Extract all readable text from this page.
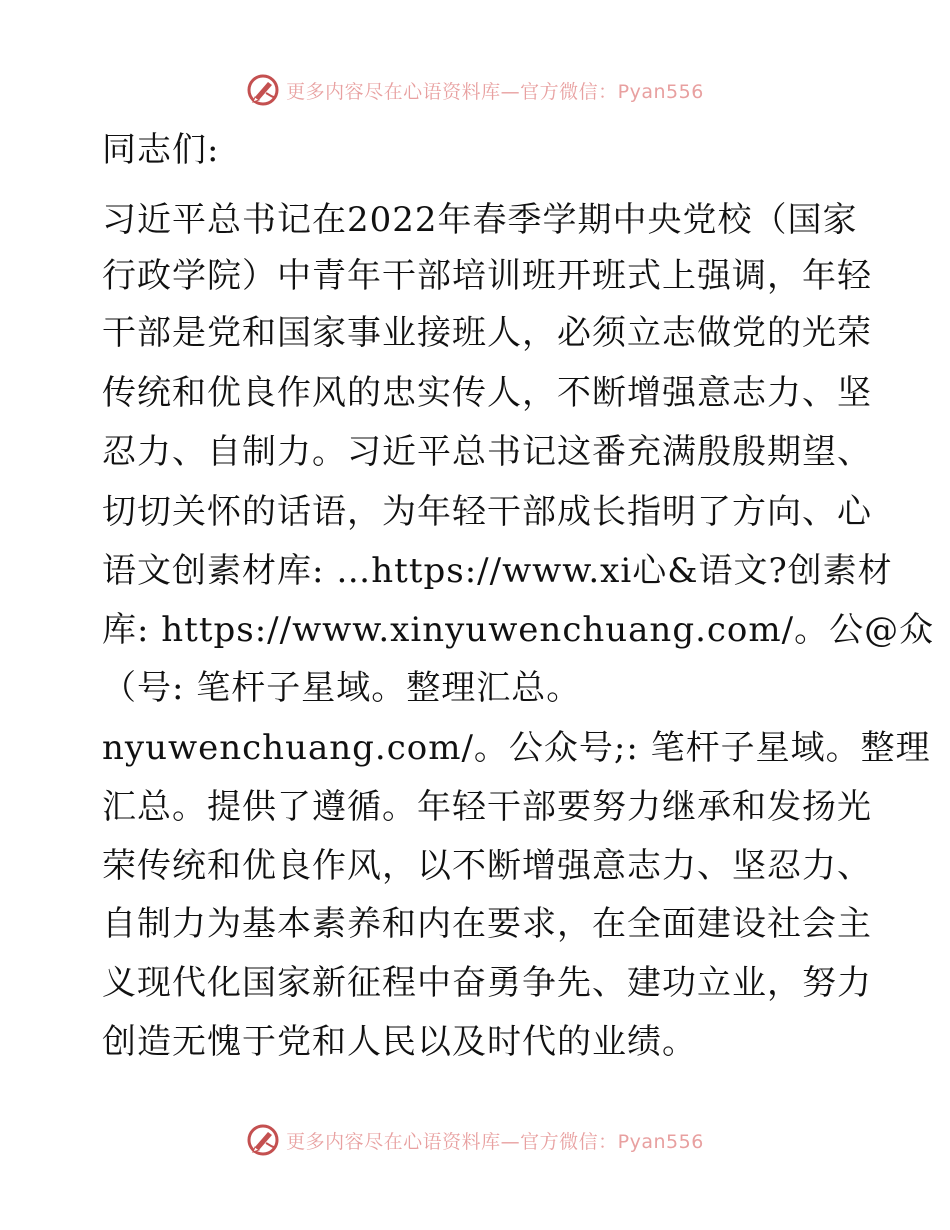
更多内容尽在心语资料库—官方微信：Pyan556
同志们:
习近平总书记在2022年春季学期中央党校（国家
行政学院）中青年干部培训班开班式上强调，年轻
干部是党和国家事业接班人，必须立志做党的光荣
传统和优良作风的忠实传人，不断增强意志力、坚
忍力、自制力。习近平总书记这番充满殷殷期望、
切切关怀的话语，为年轻干部成长指明了方向、心
语文创素材库: …https://www.xi心&语文?创素材
库: https://www.xinyuwenchuang.com/。公@众
（号: 笔杆子星域。整理汇总。
nyuwenchuang.com/。公众号;: 笔杆子星域。整理
汇总。提供了遵循。年轻干部要努力继承和发扬光
荣传统和优良作风，以不断增强意志力、坚忍力、
自制力为基本素养和内在要求，在全面建设社会主
义现代化国家新征程中奋勇争先、建功立业，努力
创造无愧于党和人民以及时代的业绩。
更多内容尽在心语资料库—官方微信：Pyan556
